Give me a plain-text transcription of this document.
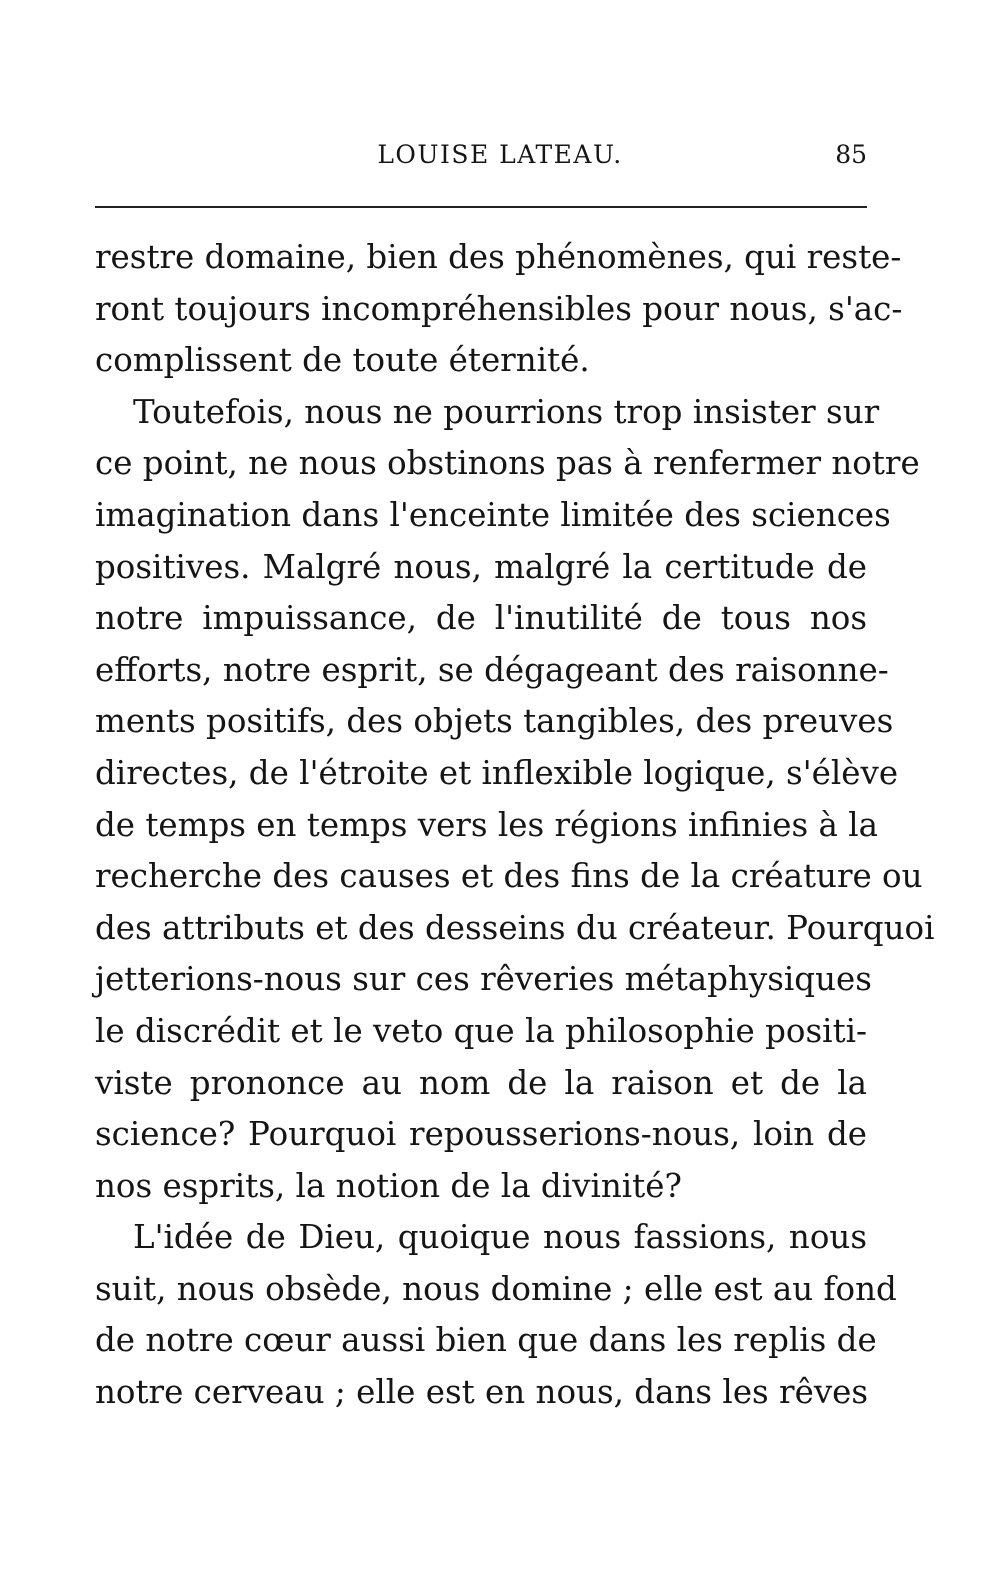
LOUISE LATEAU.	85
restre domaine, bien des phénomènes, qui reste-
ront toujours incompréhensibles pour nous, s'ac-
complissent de toute éternité.
Toutefois, nous ne pourrions trop insister sur
ce point, ne nous obstinons pas à renfermer notre
imagination dans l'enceinte limitée des sciences
positives. Malgré nous, malgré la certitude de
notre impuissance, de l'inutilité de tous nos
efforts, notre esprit, se dégageant des raisonne-
ments positifs, des objets tangibles, des preuves
directes, de l'étroite et inflexible logique, s'élève
de temps en temps vers les régions infinies à la
recherche des causes et des fins de la créature ou
des attributs et des desseins du créateur. Pourquoi
jetterions-nous sur ces rêveries métaphysiques
le discrédit et le veto que la philosophie positi-
viste prononce au nom de la raison et de la
science? Pourquoi repousserions-nous, loin de
nos esprits, la notion de la divinité?
L'idée de Dieu, quoique nous fassions, nous
suit, nous obsède, nous domine ; elle est au fond
de notre cœur aussi bien que dans les replis de
notre cerveau ; elle est en nous, dans les rêves
